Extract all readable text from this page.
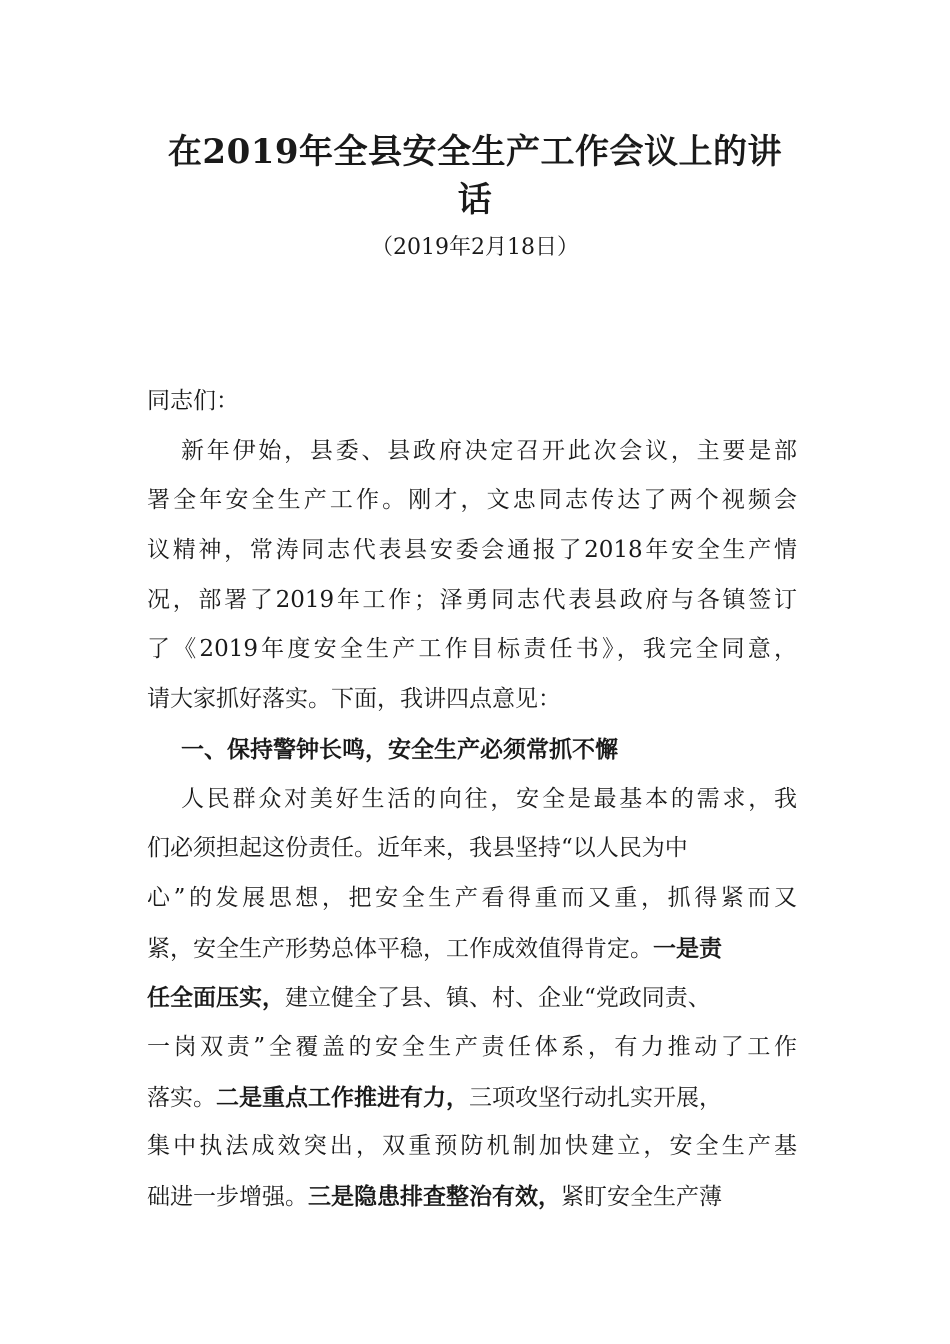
在2019年全县安全生产工作会议上的讲
话
（2019年2月18日）
同志们：
新年伊始，县委、县政府决定召开此次会议，主要是部
署全年安全生产工作。刚才，文忠同志传达了两个视频会
议精神，常涛同志代表县安委会通报了2018年安全生产情
况，部署了2019年工作；泽勇同志代表县政府与各镇签订
了《2019年度安全生产工作目标责任书》，我完全同意，
请大家抓好落实。下面，我讲四点意见：
一、保持警钟长鸣，安全生产必须常抓不懈
人民群众对美好生活的向往，安全是最基本的需求，我
们必须担起这份责任。近年来，我县坚持“以人民为中
心”的发展思想，把安全生产看得重而又重，抓得紧而又
紧，安全生产形势总体平稳，工作成效值得肯定。一是责
任全面压实，建立健全了县、镇、村、企业“党政同责、
一岗双责”全覆盖的安全生产责任体系，有力推动了工作
落实。二是重点工作推进有力，三项攻坚行动扎实开展，
集中执法成效突出，双重预防机制加快建立，安全生产基
础进一步增强。三是隐患排查整治有效，紧盯安全生产薄
